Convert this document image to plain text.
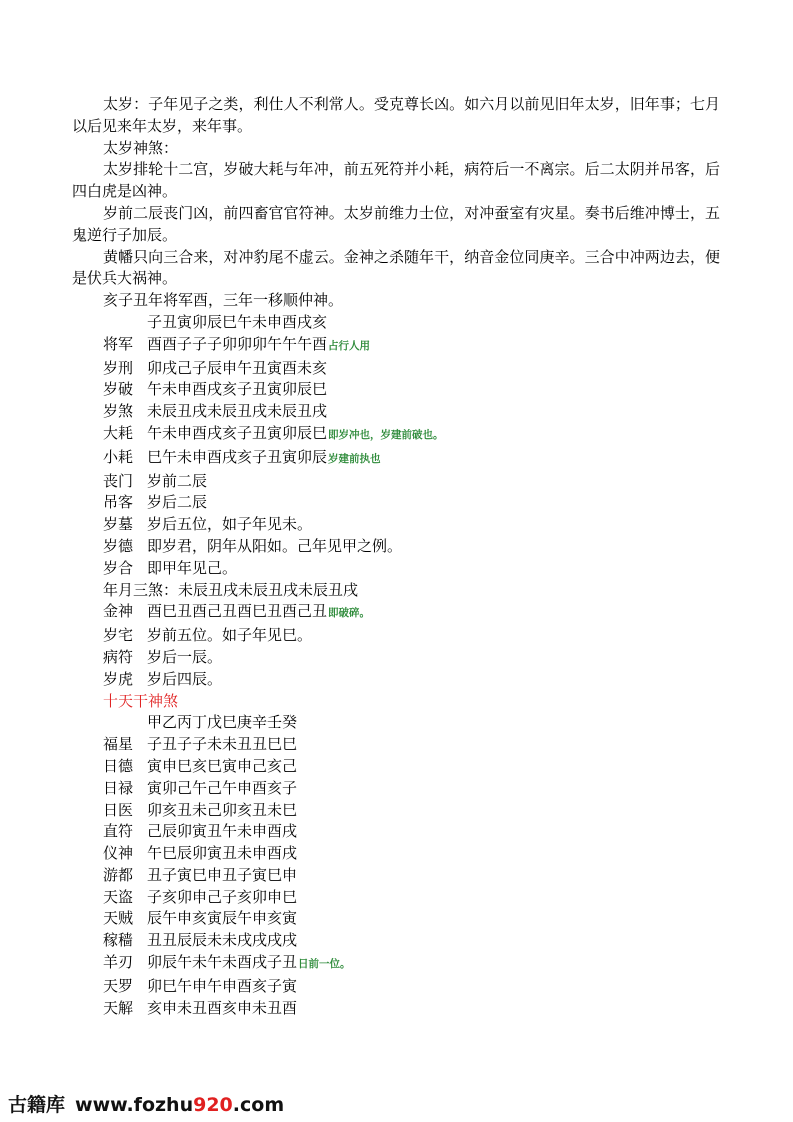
太岁：子年见子之类，利仕人不利常人。受克尊长凶。如六月以前见旧年太岁，旧年事；七月以后见来年太岁，来年事。

太岁神煞：

太岁排轮十二宫，岁破大耗与年冲，前五死符并小耗，病符后一不离宗。后二太阴并吊客，后四白虎是凶神。

岁前二辰丧门凶，前四畜官官符神。太岁前维力士位，对冲蚕室有灾星。奏书后维冲博士，五鬼逆行子加辰。

黄幡只向三合来，对冲豹尾不虚云。金神之杀随年干，纳音金位同庚辛。三合中冲两边去，便是伏兵大祸神。

亥子丑年将军酉，三年一移顺仲神。

子丑寅卯辰巳午未申酉戌亥

将军 酉酉子子子卯卯卯午午午酉占行人用

岁刑 卯戌己子辰申午丑寅酉未亥

岁破 午未申酉戌亥子丑寅卯辰巳

岁煞 未辰丑戌未辰丑戌未辰丑戌

大耗 午未申酉戌亥子丑寅卯辰巳即岁冲也，岁建前破也。

小耗 巳午未申酉戌亥子丑寅卯辰岁建前执也

丧门 岁前二辰

吊客 岁后二辰

岁墓 岁后五位，如子年见未。

岁德 即岁君，阴年从阳如。己年见甲之例。

岁合 即甲年见己。

年月三煞：未辰丑戌未辰丑戌未辰丑戌

金神 酉巳丑酉己丑酉巳丑酉己丑即破碎。

岁宅 岁前五位。如子年见巳。

病符 岁后一辰。

岁虎 岁后四辰。

十天干神煞

甲乙丙丁戊巳庚辛壬癸

福星 子丑子子未未丑丑巳巳

日德 寅申巳亥巳寅申己亥己

日禄 寅卯己午己午申酉亥子

日医 卯亥丑未己卯亥丑未巳

直符 己辰卯寅丑午未申酉戌

仪神 午巳辰卯寅丑未申酉戌

游都 丑子寅巳申丑子寅巳申

天盗 子亥卯申己子亥卯申巳

天贼 辰午申亥寅辰午申亥寅

稼穑 丑丑辰辰未未戌戌戌戌

羊刃 卯辰午未午未酉戌子丑日前一位。

天罗 卯巳午申午申酉亥子寅

天解 亥申未丑酉亥申未丑酉

古籍库 www.fozhu920.com
